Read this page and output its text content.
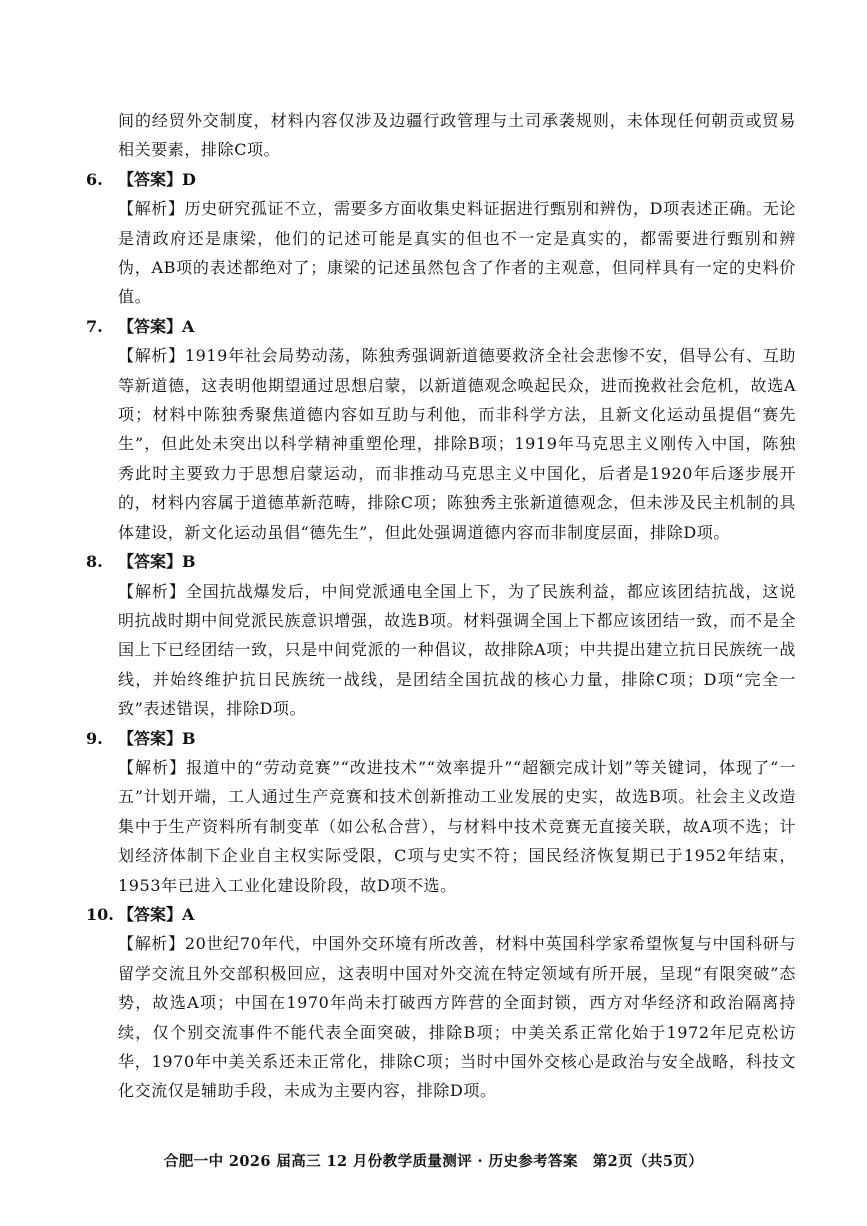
间的经贸外交制度，材料内容仅涉及边疆行政管理与土司承袭规则，未体现任何朝贡或贸易相关要素，排除C项。

6. 【答案】D

【解析】历史研究孤证不立，需要多方面收集史料证据进行甄别和辨伪，D项表述正确。无论是清政府还是康梁，他们的记述可能是真实的但也不一定是真实的，都需要进行甄别和辨伪，AB项的表述都绝对了；康梁的记述虽然包含了作者的主观意，但同样具有一定的史料价值。

7. 【答案】A

【解析】1919年社会局势动荡，陈独秀强调新道德要救济全社会悲惨不安，倡导公有、互助等新道德，这表明他期望通过思想启蒙，以新道德观念唤起民众，进而挽救社会危机，故选A项；材料中陈独秀聚焦道德内容如互助与利他，而非科学方法，且新文化运动虽提倡“赛先生”，但此处未突出以科学精神重塑伦理，排除B项；1919年马克思主义刚传入中国，陈独秀此时主要致力于思想启蒙运动，而非推动马克思主义中国化，后者是1920年后逐步展开的，材料内容属于道德革新范畴，排除C项；陈独秀主张新道德观念，但未涉及民主机制的具体建设，新文化运动虽倡“德先生”，但此处强调道德内容而非制度层面，排除D项。

8. 【答案】B

【解析】全国抗战爆发后，中间党派通电全国上下，为了民族利益，都应该团结抗战，这说明抗战时期中间党派民族意识增强，故选B项。材料强调全国上下都应该团结一致，而不是全国上下已经团结一致，只是中间党派的一种倡议，故排除A项；中共提出建立抗日民族统一战线，并始终维护抗日民族统一战线，是团结全国抗战的核心力量，排除C项；D项“完全一致”表述错误，排除D项。

9. 【答案】B

【解析】报道中的“劳动竞赛”“改进技术”“效率提升”“超额完成计划”等关键词，体现了“一五”计划开端，工人通过生产竞赛和技术创新推动工业发展的史实，故选B项。社会主义改造集中于生产资料所有制变革（如公私合营），与材料中技术竞赛无直接关联，故A项不选；计划经济体制下企业自主权实际受限，C项与史实不符；国民经济恢复期已于1952年结束，1953年已进入工业化建设阶段，故D项不选。

10. 【答案】A

【解析】20世纪70年代，中国外交环境有所改善，材料中英国科学家希望恢复与中国科研与留学交流且外交部积极回应，这表明中国对外交流在特定领域有所开展，呈现“有限突破”态势，故选A项；中国在1970年尚未打破西方阵营的全面封锁，西方对华经济和政治隔离持续，仅个别交流事件不能代表全面突破，排除B项；中美关系正常化始于1972年尼克松访华，1970年中美关系还未正常化，排除C项；当时中国外交核心是政治与安全战略，科技文化交流仅是辅助手段，未成为主要内容，排除D项。

合肥一中 2026 届高三 12 月份教学质量测评 · 历史参考答案　第2页（共5页）
